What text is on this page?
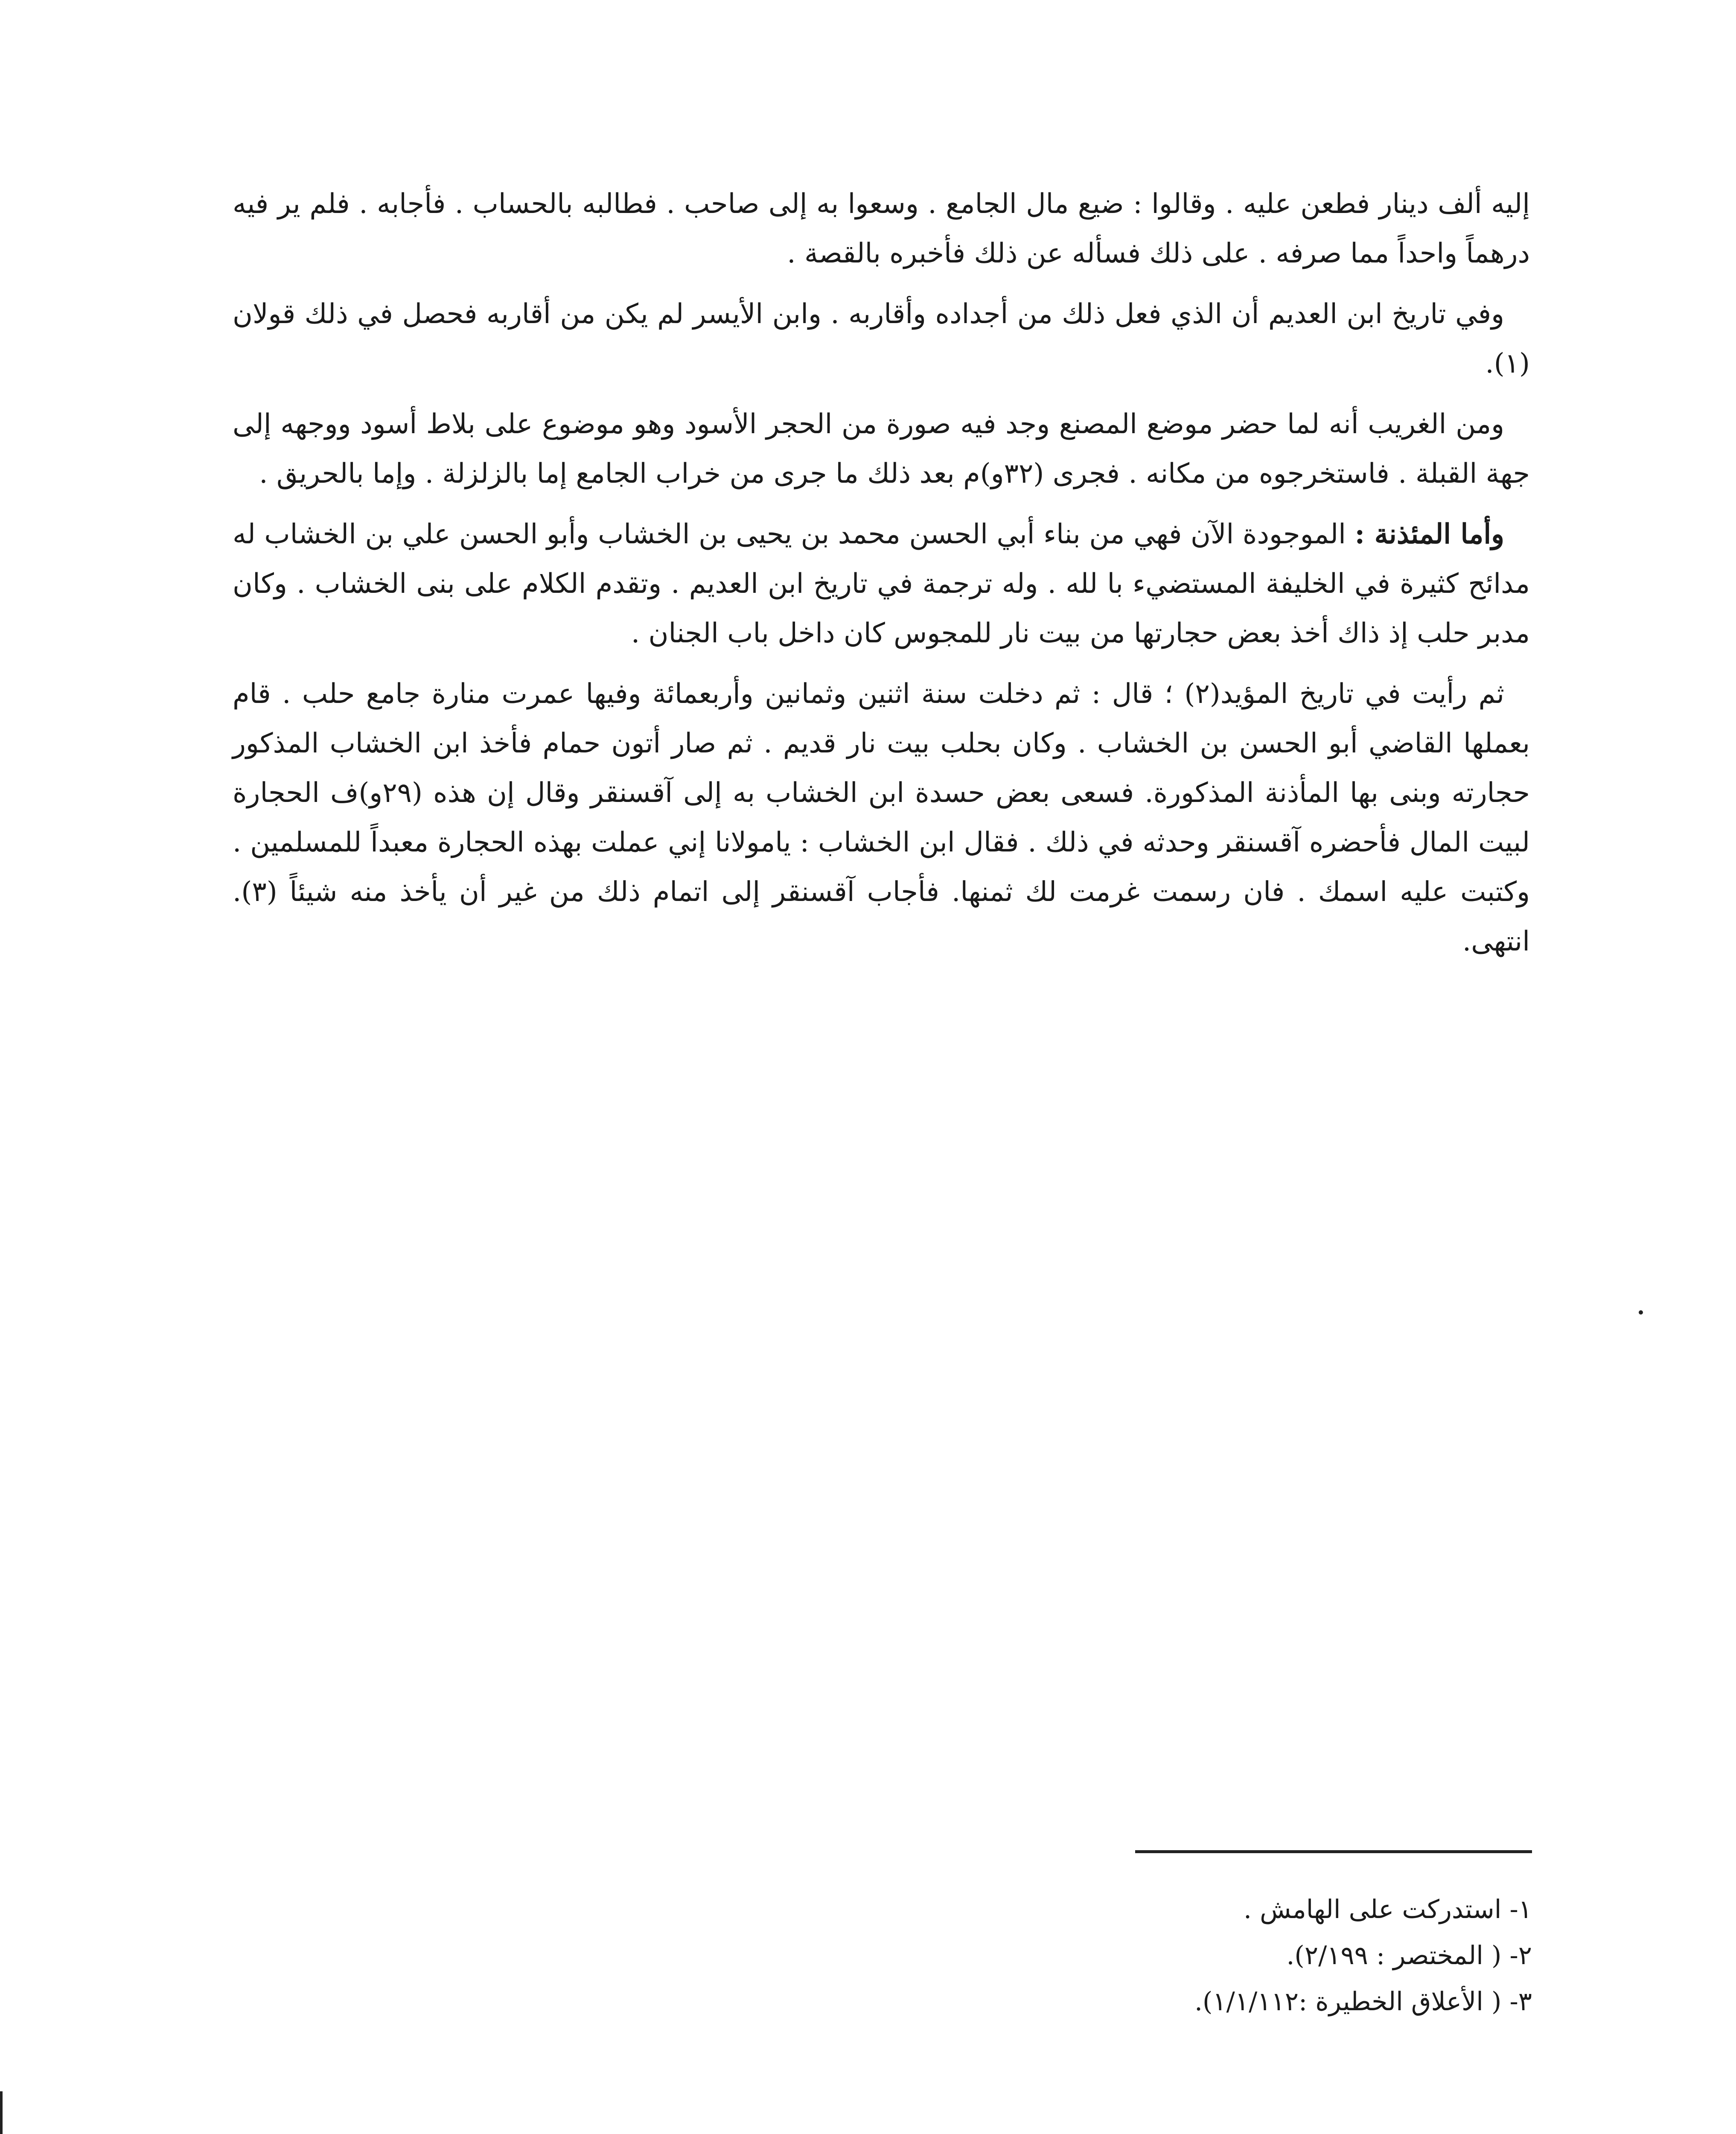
إليه ألف دينار فطعن عليه . وقالوا : ضيع مال الجامع . وسعوا به إلى صاحب . فطالبه بالحساب . فأجابه . فلم ير فيه درهماً واحداً مما صرفه . على ذلك فسأله عن ذلك فأخبره بالقصة .

وفي تاريخ ابن العديم أن الذي فعل ذلك من أجداده وأقاربه . وابن الأيسر لم يكن من أقاربه فحصل في ذلك قولان (١).

ومن الغريب أنه لما حضر موضع المصنع وجد فيه صورة من الحجر الأسود وهو موضوع على بلاط أسود ووجهه إلى جهة القبلة . فاستخرجوه من مكانه . فجرى (٣٢و)م بعد ذلك ما جرى من خراب الجامع إما بالزلزلة . وإما بالحريق .

وأما المئذنة : الموجودة الآن فهي من بناء أبي الحسن محمد بن يحيى بن الخشاب وأبو الحسن علي بن الخشاب له مدائح كثيرة في الخليفة المستضيء با لله . وله ترجمة في تاريخ ابن العديم . وتقدم الكلام على بنى الخشاب . وكان مدبر حلب إذ ذاك أخذ بعض حجارتها من بيت نار للمجوس كان داخل باب الجنان .

ثم رأيت في تاريخ المؤيد(٢) ؛ قال : ثم دخلت سنة اثنين وثمانين وأربعمائة وفيها عمرت منارة جامع حلب . قام بعملها القاضي أبو الحسن بن الخشاب . وكان بحلب بيت نار قديم . ثم صار أتون حمام فأخذ ابن الخشاب المذكور حجارته وبنى بها المأذنة المذكورة. فسعى بعض حسدة ابن الخشاب به إلى آقسنقر وقال إن هذه (٢٩و)ف الحجارة لبيت المال فأحضره آقسنقر وحدثه في ذلك . فقال ابن الخشاب : يامولانا إني عملت بهذه الحجارة معبداً للمسلمين . وكتبت عليه اسمك . فان رسمت غرمت لك ثمنها. فأجاب آقسنقر إلى اتمام ذلك من غير أن يأخذ منه شيئاً (٣). انتهى.

١- استدركت على الهامش .
٢- ( المختصر : ٢/١٩٩).
٣- ( الأعلاق الخطيرة :١/١/١١٢).
